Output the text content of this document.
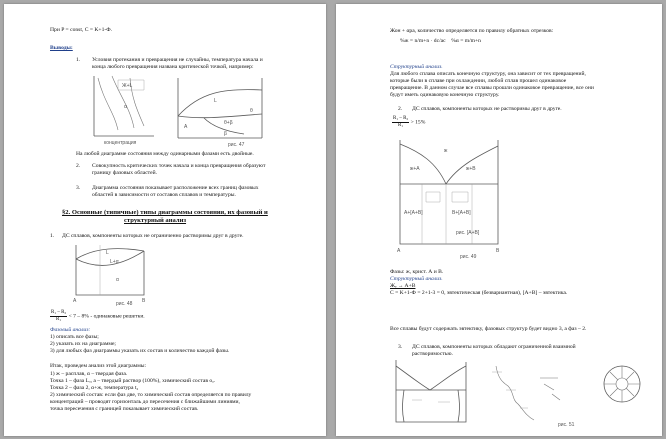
При P = const, C = K+1-Ф.
Выводы:
1. Условия протекания и превращения не случайны, температура начала и
конца любого превращения названа критической точкой, например:
Ж+L
α
L
A
θ+β
θ
β
концентрация	рис. 47
На любой диаграмме состояния между одинарными фазами есть двойные.
2. Совокупность критических точек начала и конца превращения образуют
границу фазовых областей.
3. Диаграмма состояния показывает расположение всех границ фазовых
областей в зависимости от составов сплавов и температуры.
§2. Основные (типичные) типы диаграммы состояния, их фазовый и
структурный анализ
1. ДС сплавов, компоненты которых не ограниченно растворимы друг в друге.
L
L+α
α
A	B
рис. 48
$\frac{\text{R₁ – R₂}}{\text{R₁}} < 7 - 8\%$ - одинаковые решетки.
Фазовый анализ:
1) описать все фазы;
2) указать их на диаграмме;
3) для любых фаз диаграммы указать их состав и количество каждой фазы.
Итак, проведем анализ этой диаграммы:
1) ж – расплав, α – твердая фаза.
Точка 1 – фаза Lₒ, а – твердый раствор (100%), химический состав оₐ.
Точка 2 – фаза 2, α+ж, температура t₂
2) химический состав: если фаз две, то химический состав определяется по правилу
концентраций – проводят горизонталь до пересечения с ближайшими линиями,
точка пересечения с границей показывает химический состав.
Жон + αрa, количество определяется по правилу обратных отрезков:
%ж = n/m+n · dc/ac %α = m/m+n
Структурный анализ.
Для любого сплава описать конечную структуру, она зависит от тех превращений,
которые были в сплаве при охлаждении, любой сплав прошел одинаковое
превращение. В данном случае все сплавы прошли одинаковое превращение, все они
будут иметь одинаковую конечную структуру.
2. ДС сплавов, компоненты которых не растворимы друг в друге.
$\frac{\text{R₁ – R₂}}{\text{R₁}} > 15\%$
ж
ж+A	ж+B
A+[A+B]	B+[A+B]
A	B
рис. [A+B]
рис. 49
Фазы: ж, крист. А и В.
Структурный анализ.
Жₑ → A+B
C = K+1-Ф = 2+1-3 = 0, эвтектическая (безвариантная), [A+B] – эвтектика.
Все сплавы будут содержать эвтектику, фазовых структур будет видно 3, а фаз – 2.
3. ДС сплавов, компоненты которых обладают ограниченной взаимной
растворимостью.
рис. 51
